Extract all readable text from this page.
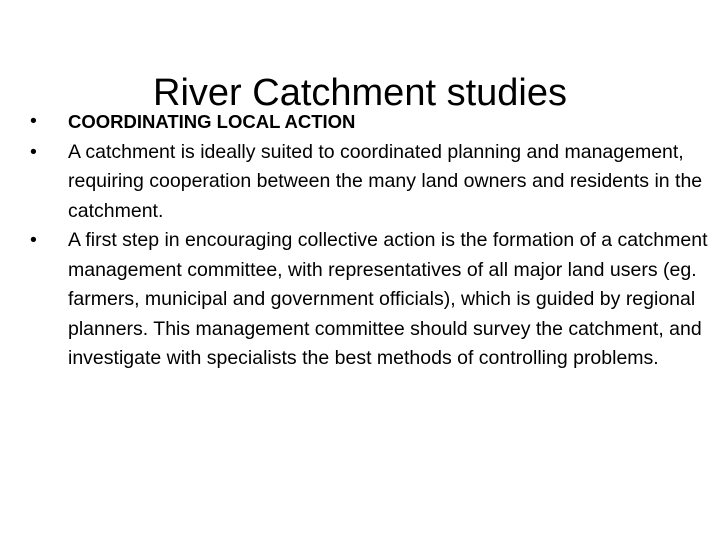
River Catchment studies
•	COORDINATING LOCAL ACTION
•	A catchment is ideally suited to coordinated planning and management, requiring cooperation between the many land owners and residents in the catchment.
•	A first step in encouraging collective action is the formation of a catchment management committee, with representatives of all major land users (eg. farmers, municipal and government officials), which is guided by regional planners. This management committee should survey the catchment, and investigate with specialists the best methods of controlling problems.
